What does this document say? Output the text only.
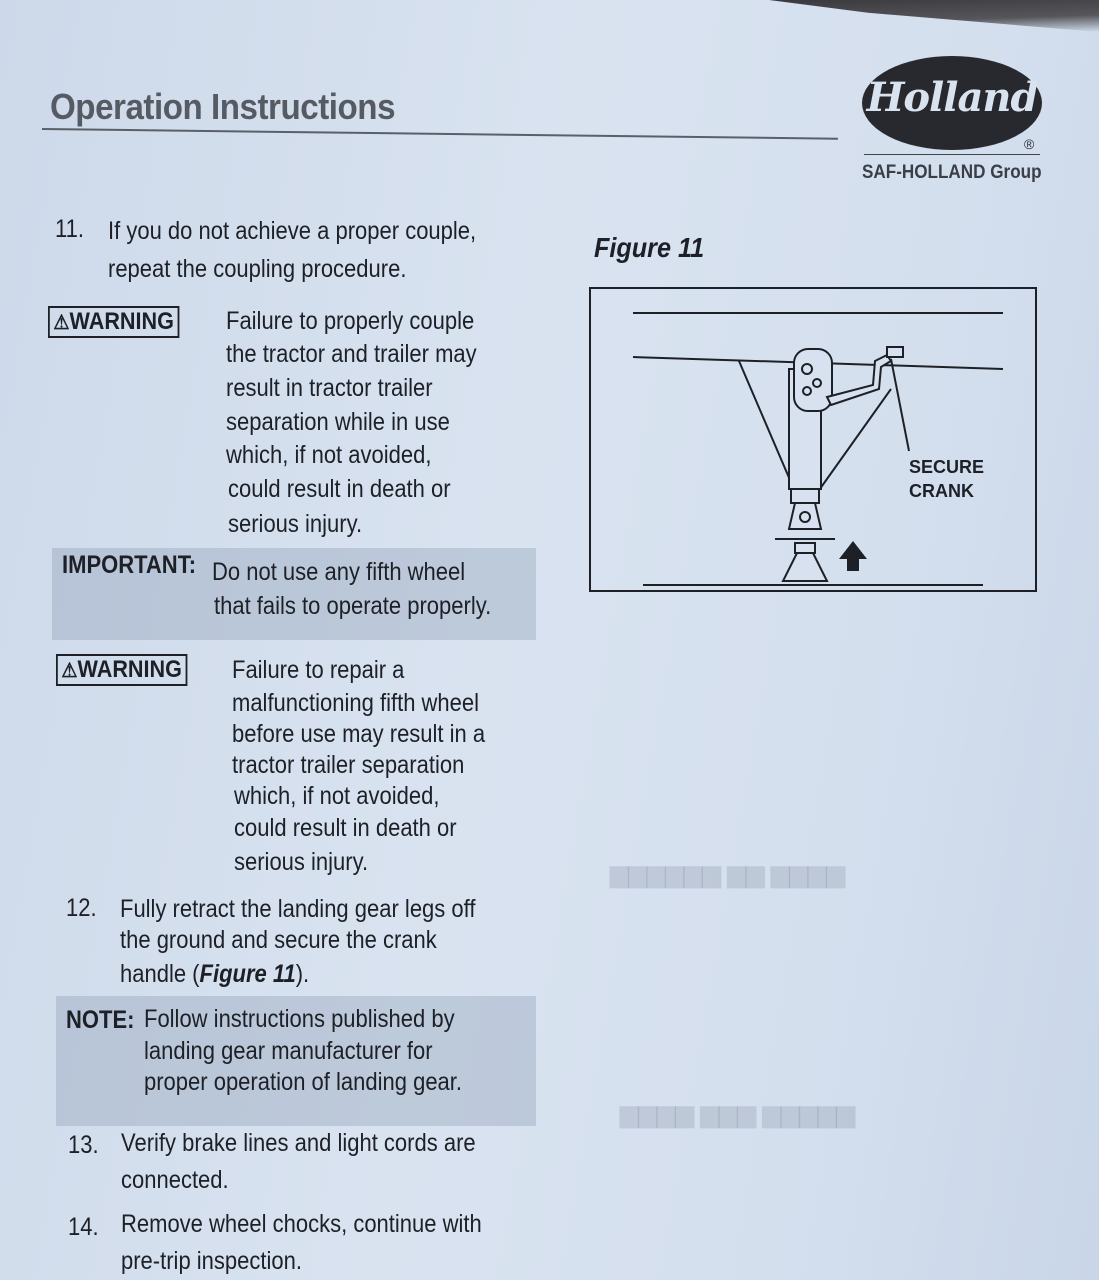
▆▆▆▆ ▆▆ ▆▆▆▆▆▆
▆▆▆▆▆ ▆▆▆ ▆▆▆▆
Operation Instructions	Holland
®
SAF-HOLLAND Group
11. If you do not achieve a proper couple,
repeat the coupling procedure.
⚠WARNING Failure to properly couple
the tractor and trailer may
result in tractor trailer
separation while in use
which, if not avoided,
could result in death or
serious injury.
IMPORTANT: Do not use any fifth wheel
that fails to operate properly.
⚠WARNING Failure to repair a
malfunctioning fifth wheel
before use may result in a
tractor trailer separation
which, if not avoided,
could result in death or
serious injury.
12. Fully retract the landing gear legs off
the ground and secure the crank
handle (Figure 11).
NOTE: Follow instructions published by
landing gear manufacturer for
proper operation of landing gear.
13. Verify brake lines and light cords are
connected.
14. Remove wheel chocks, continue with
pre-trip inspection.
Figure 11
SECURE
CRANK
